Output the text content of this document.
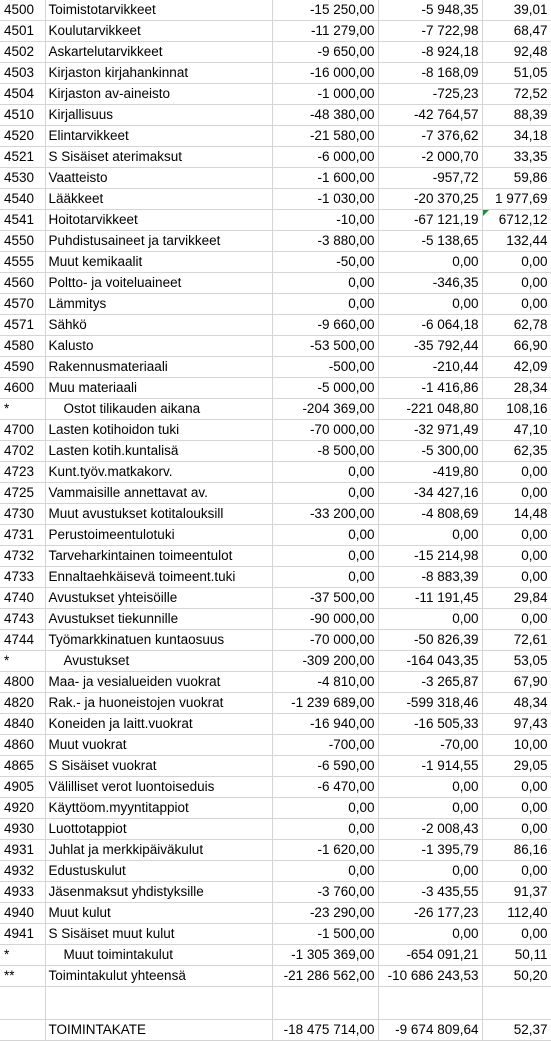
4500	Toimistotarvikkeet	-15 250,00	-5 948,35	39,01
4501	Koulutarvikkeet	-11 279,00	-7 722,98	68,47
4502	Askartelutarvikkeet	-9 650,00	-8 924,18	92,48
4503	Kirjaston kirjahankinnat	-16 000,00	-8 168,09	51,05
4504	Kirjaston av-aineisto	-1 000,00	-725,23	72,52
4510	Kirjallisuus	-48 380,00	-42 764,57	88,39
4520	Elintarvikkeet	-21 580,00	-7 376,62	34,18
4521	S Sisäiset aterimaksut	-6 000,00	-2 000,70	33,35
4530	Vaatteisto	-1 600,00	-957,72	59,86
4540	Lääkkeet	-1 030,00	-20 370,25	1 977,69
4541	Hoitotarvikkeet	-10,00	-67 121,19	6712,12
4550	Puhdistusaineet ja tarvikkeet	-3 880,00	-5 138,65	132,44
4555	Muut kemikaalit	-50,00	0,00	0,00
4560	Poltto- ja voiteluaineet	0,00	-346,35	0,00
4570	Lämmitys	0,00	0,00	0,00
4571	Sähkö	-9 660,00	-6 064,18	62,78
4580	Kalusto	-53 500,00	-35 792,44	66,90
4590	Rakennusmateriaali	-500,00	-210,44	42,09
4600	Muu materiaali	-5 000,00	-1 416,86	28,34
*	Ostot tilikauden aikana	-204 369,00	-221 048,80	108,16
4700	Lasten kotihoidon tuki	-70 000,00	-32 971,49	47,10
4702	Lasten kotih.kuntalisä	-8 500,00	-5 300,00	62,35
4723	Kunt.työv.matkakorv.	0,00	-419,80	0,00
4725	Vammaisille annettavat av.	0,00	-34 427,16	0,00
4730	Muut avustukset kotitalouksill	-33 200,00	-4 808,69	14,48
4731	Perustoimeentulotuki	0,00	0,00	0,00
4732	Tarveharkintainen toimeentulot	0,00	-15 214,98	0,00
4733	Ennaltaehkäisevä toimeent.tuki	0,00	-8 883,39	0,00
4740	Avustukset yhteisöille	-37 500,00	-11 191,45	29,84
4743	Avustukset tiekunnille	-90 000,00	0,00	0,00
4744	Työmarkkinatuen kuntaosuus	-70 000,00	-50 826,39	72,61
*	Avustukset	-309 200,00	-164 043,35	53,05
4800	Maa- ja vesialueiden vuokrat	-4 810,00	-3 265,87	67,90
4820	Rak.- ja huoneistojen vuokrat	-1 239 689,00	-599 318,46	48,34
4840	Koneiden ja laitt.vuokrat	-16 940,00	-16 505,33	97,43
4860	Muut vuokrat	-700,00	-70,00	10,00
4865	S Sisäiset vuokrat	-6 590,00	-1 914,55	29,05
4905	Välilliset verot luontoiseduis	-6 470,00	0,00	0,00
4920	Käyttöom.myyntitappiot	0,00	0,00	0,00
4930	Luottotappiot	0,00	-2 008,43	0,00
4931	Juhlat ja merkkipäiväkulut	-1 620,00	-1 395,79	86,16
4932	Edustuskulut	0,00	0,00	0,00
4933	Jäsenmaksut yhdistyksille	-3 760,00	-3 435,55	91,37
4940	Muut kulut	-23 290,00	-26 177,23	112,40
4941	S Sisäiset muut kulut	-1 500,00	0,00	0,00
*	Muut toimintakulut	-1 305 369,00	-654 091,21	50,11
**	Toimintakulut yhteensä	-21 286 562,00	-10 686 243,53	50,20

	TOIMINTAKATE	-18 475 714,00	-9 674 809,64	52,37
